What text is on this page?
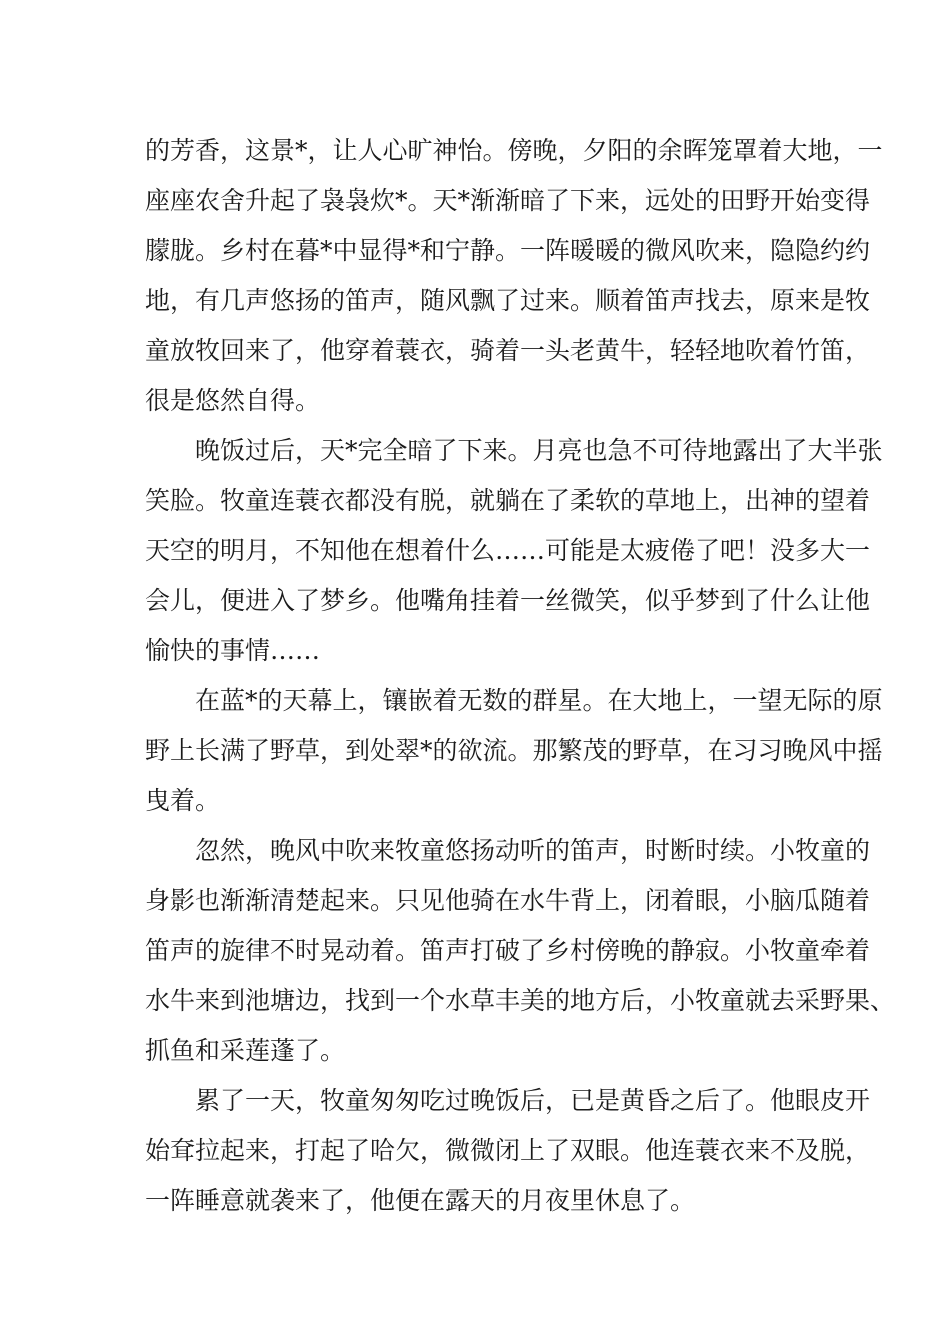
的芳香，这景*，让人心旷神怡。傍晚，夕阳的余晖笼罩着大地，一
座座农舍升起了袅袅炊*。天*渐渐暗了下来，远处的田野开始变得
朦胧。乡村在暮*中显得*和宁静。一阵暖暖的微风吹来，隐隐约约
地，有几声悠扬的笛声，随风飘了过来。顺着笛声找去，原来是牧
童放牧回来了，他穿着蓑衣，骑着一头老黄牛，轻轻地吹着竹笛，
很是悠然自得。
　　晚饭过后，天*完全暗了下来。月亮也急不可待地露出了大半张
笑脸。牧童连蓑衣都没有脱，就躺在了柔软的草地上，出神的望着
天空的明月，不知他在想着什么……可能是太疲倦了吧！没多大一
会儿，便进入了梦乡。他嘴角挂着一丝微笑，似乎梦到了什么让他
愉快的事情……
　　在蓝*的天幕上，镶嵌着无数的群星。在大地上，一望无际的原
野上长满了野草，到处翠*的欲流。那繁茂的野草，在习习晚风中摇
曳着。
　　忽然，晚风中吹来牧童悠扬动听的笛声，时断时续。小牧童的
身影也渐渐清楚起来。只见他骑在水牛背上，闭着眼，小脑瓜随着
笛声的旋律不时晃动着。笛声打破了乡村傍晚的静寂。小牧童牵着
水牛来到池塘边，找到一个水草丰美的地方后，小牧童就去采野果、
抓鱼和采莲蓬了。
　　累了一天，牧童匆匆吃过晚饭后，已是黄昏之后了。他眼皮开
始耷拉起来，打起了哈欠，微微闭上了双眼。他连蓑衣来不及脱，
一阵睡意就袭来了，他便在露天的月夜里休息了。
